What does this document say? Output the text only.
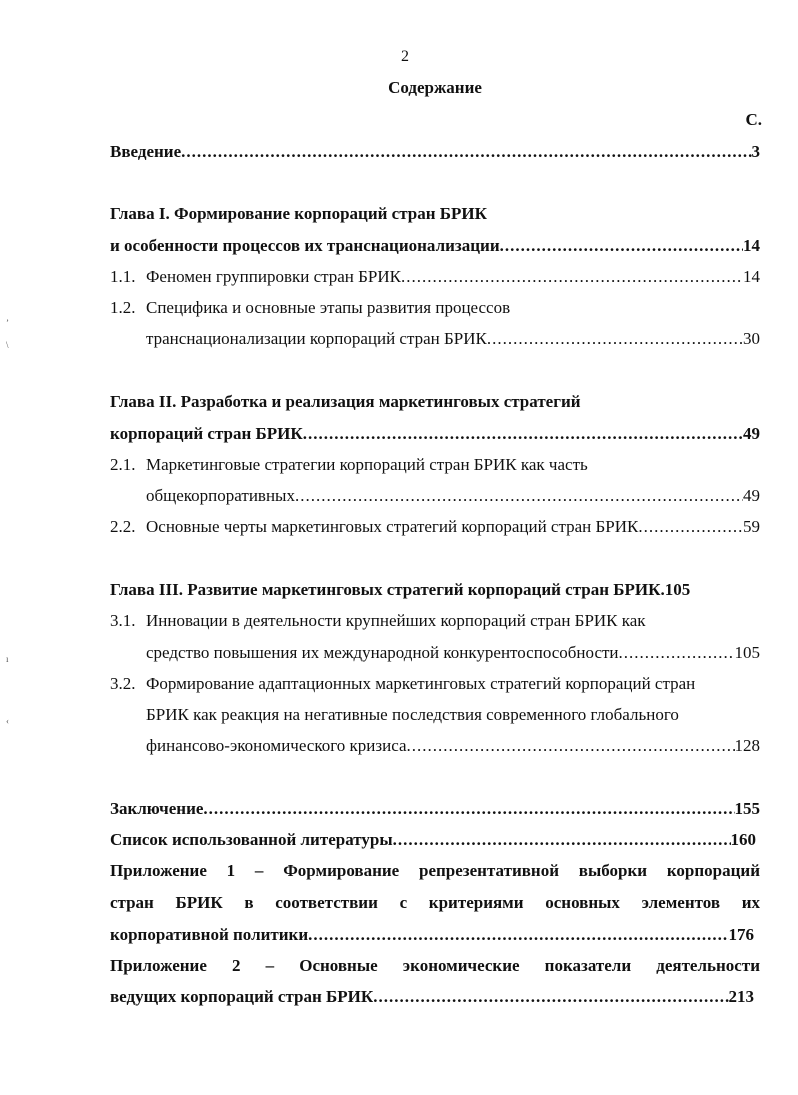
2
Содержание
С.
Введение .....	3
Глава I. Формирование корпораций стран БРИК
и особенности процессов их транснационализации .....	14
1.1. Феномен группировки стран БРИК .....	14
1.2. Специфика и основные этапы развития процессов
транснационализации корпораций стран БРИК .....	30
Глава II. Разработка и реализация маркетинговых стратегий
корпораций стран БРИК .....	49
2.1. Маркетинговые стратегии корпораций стран БРИК как часть
общекорпоративных .....	49
2.2. Основные черты маркетинговых стратегий корпораций стран БРИК .....	59
Глава III. Развитие маркетинговых стратегий корпораций стран БРИК.105
3.1. Инновации в деятельности крупнейших корпораций стран БРИК как
средство повышения их международной конкурентоспособности .....	105
3.2. Формирование адаптационных маркетинговых стратегий корпораций стран
БРИК как реакция на негативные последствия современного глобального
финансово-экономического кризиса .....	128
Заключение .....	155
Список использованной литературы .....	160
Приложение 1 – Формирование репрезентативной выборки корпораций
стран БРИК в соответствии с критериями основных элементов их
корпоративной политики .....	176
Приложение 2 – Основные экономические показатели деятельности
ведущих корпораций стран БРИК .....	213
ʼ
\
ı
‹
